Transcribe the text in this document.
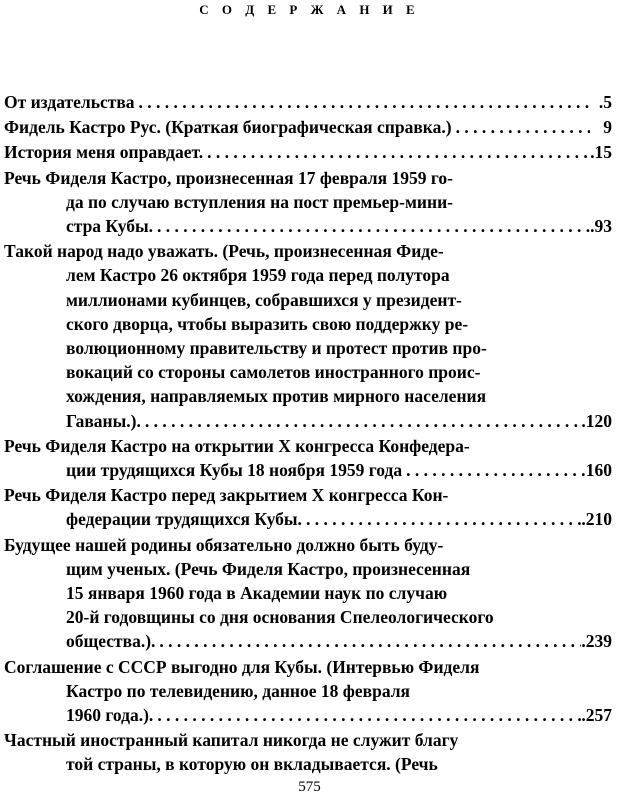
С О Д Е Р Ж А Н И Е
От издательства . . .	.5
Фидель Кастро Рус. (Краткая биографическая справка.) . . .	9
История меня оправдает. . . .	.15
Речь Фиделя Кастро, произнесенная 17 февраля 1959 го-
да по случаю вступления на пост премьер-мини-
стра Кубы. . . .	.93
Такой народ надо уважать. (Речь, произнесенная Фиде-
лем Кастро 26 октября 1959 года перед полутора
миллионами кубинцев, собравшихся у президент-
ского дворца, чтобы выразить свою поддержку ре-
волюционному правительству и протест против про-
вокаций со стороны самолетов иностранного проис-
хождения, направляемых против мирного населения
Гаваны.). . . .	.120
Речь Фиделя Кастро на открытии X конгресса Конфедера-
ции трудящихся Кубы 18 ноября 1959 года . . .	160
Речь Фиделя Кастро перед закрытием X конгресса Кон-
федерации трудящихся Кубы. . . .	.210
Будущее нашей родины обязательно должно быть буду-
щим ученых. (Речь Фиделя Кастро, произнесенная
15 января 1960 года в Академии наук по случаю
20-й годовщины со дня основания Спелеологического
общества.). . . .	.239
Соглашение с СССР выгодно для Кубы. (Интервью Фиделя
Кастро по телевидению, данное 18 февраля
1960 года.). . . .	.257
Частный иностранный капитал никогда не служит благу
той страны, в которую он вкладывается. (Речь
575
